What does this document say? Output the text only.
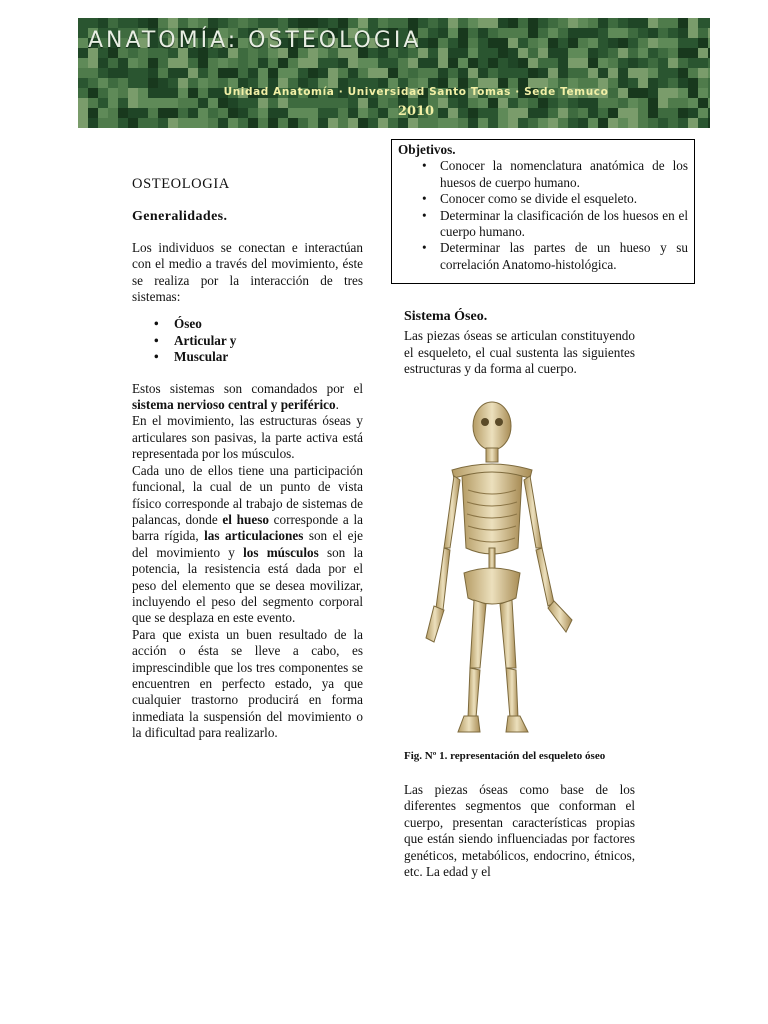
ANATOMÍA: OSTEOLOGIA
Unidad Anatomía · Universidad Santo Tomas · Sede Temuco
2010
Objetivos.
• Conocer la nomenclatura anatómica de los huesos de cuerpo humano.
• Conocer como se divide el esqueleto.
• Determinar la clasificación de los huesos en el cuerpo humano.
• Determinar las partes de un hueso y su correlación Anatomo-histológica.
OSTEOLOGIA
Generalidades.
Los individuos se conectan e interactúan con el medio a través del movimiento, éste se realiza por la interacción de tres sistemas:
• Óseo
• Articular y
• Muscular
Estos sistemas son comandados por el sistema nervioso central y periférico.
En el movimiento, las estructuras óseas y articulares son pasivas, la parte activa está representada por los músculos.
Cada uno de ellos tiene una participación funcional, la cual de un punto de vista físico corresponde al trabajo de sistemas de palancas, donde el hueso corresponde a la barra rígida, las articulaciones son el eje del movimiento y los músculos son la potencia, la resistencia está dada por el peso del elemento que se desea movilizar, incluyendo el peso del segmento corporal que se desplaza en este evento.
Para que exista un buen resultado de la acción o ésta se lleve a cabo, es imprescindible que los tres componentes se encuentren en perfecto estado, ya que cualquier trastorno producirá en forma inmediata la suspensión del movimiento o la dificultad para realizarlo.
Sistema Óseo.
Las piezas óseas se articulan constituyendo el esqueleto, el cual sustenta las siguientes estructuras y da forma al cuerpo.
Fig. Nº 1. representación del esqueleto óseo
Las piezas óseas como base de los diferentes segmentos que conforman el cuerpo, presentan características propias que están siendo influenciadas por factores genéticos, metabólicos, endocrino, étnicos, etc. La edad y el
